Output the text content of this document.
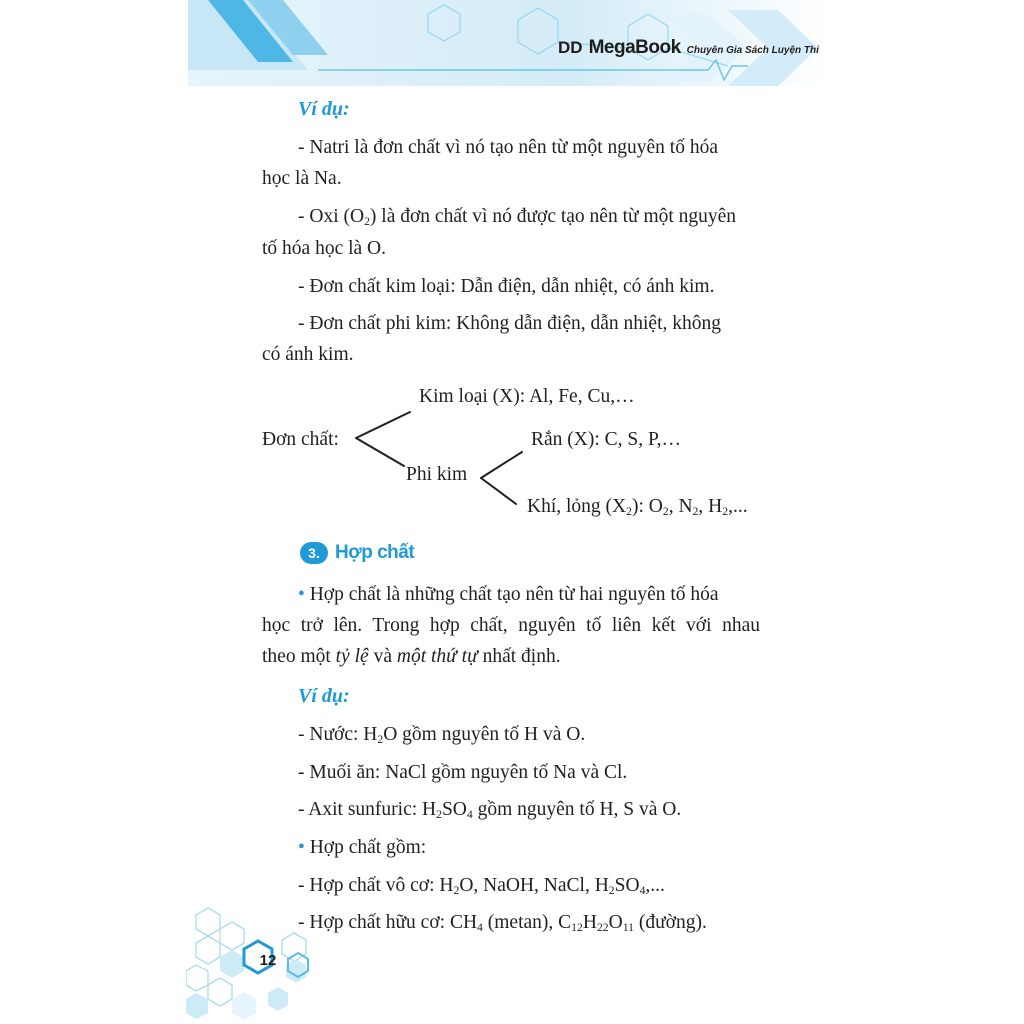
DD MegaBook Chuyên Gia Sách Luyện Thi
Ví dụ:
- Natri là đơn chất vì nó tạo nên từ một nguyên tố hóa
học là Na.
- Oxi $(O_2)$ là đơn chất vì nó được tạo nên từ một nguyên
tố hóa học là O.
- Đơn chất kim loại: Dẫn điện, dẫn nhiệt, có ánh kim.
- Đơn chất phi kim: Không dẫn điện, dẫn nhiệt, không
có ánh kim.
Đơn chất:
Kim loại (X): Al, Fe, Cu,…
Phi kim
Rắn (X): C, S, P,…
Khí, lỏng $(X_2)$: $O_2$, $N_2$, $H_2$,...
3. Hợp chất
• Hợp chất là những chất tạo nên từ hai nguyên tố hóa
học trở lên. Trong hợp chất, nguyên tố liên kết với nhau
theo một tỷ lệ và một thứ tự nhất định.
Ví dụ:
- Nước: $H_2O$ gồm nguyên tố H và O.
- Muối ăn: NaCl gồm nguyên tố Na và Cl.
- Axit sunfuric: $H_2SO_4$ gồm nguyên tố H, S và O.
• Hợp chất gồm:
- Hợp chất vô cơ: $H_2O$, NaOH, NaCl, $H_2SO_4$,...
- Hợp chất hữu cơ: $CH_4$ (metan), $C_{12}H_{22}O_{11}$ (đường).
12
